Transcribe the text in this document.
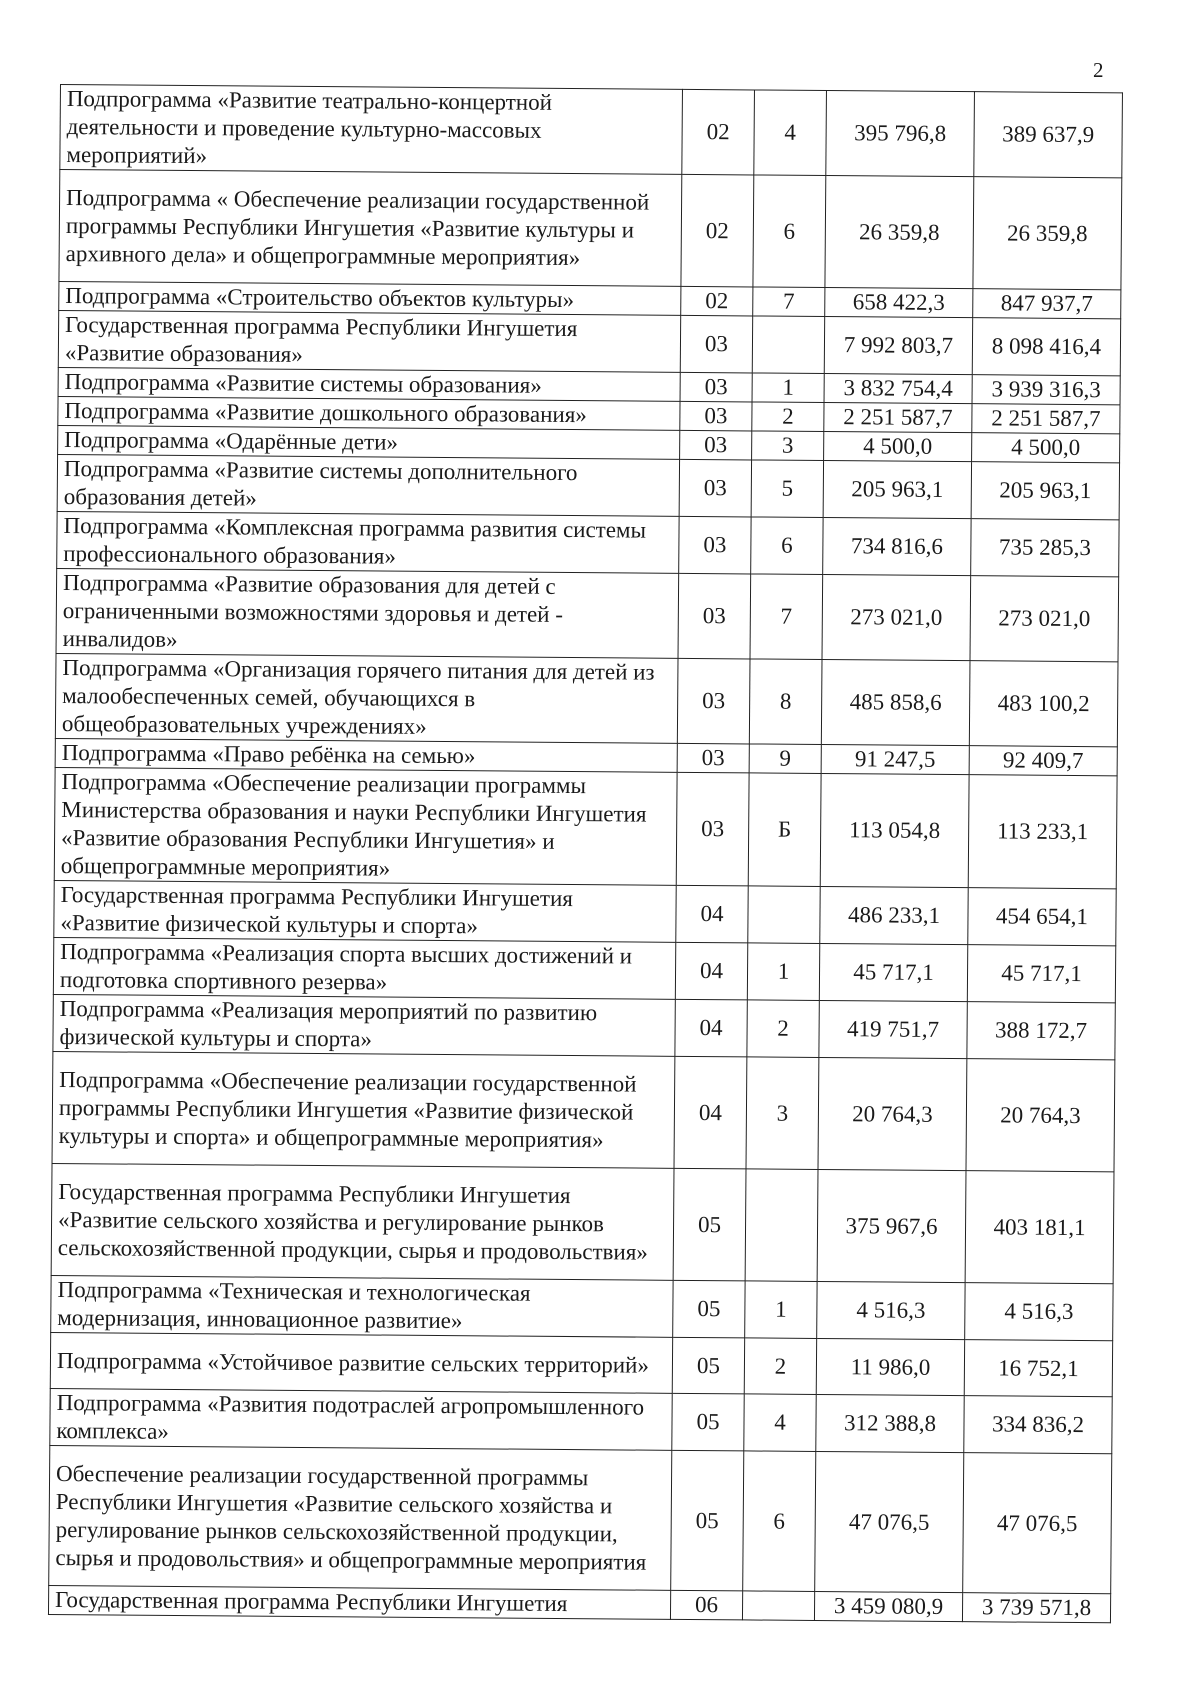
2
Подпрограмма «Развитие театрально-концертной деятельности и проведение культурно-массовых мероприятий»	02	4	395 796,8	389 637,9
Подпрограмма « Обеспечение реализации государственной программы Республики Ингушетия «Развитие культуры и архивного дела» и общепрограммные мероприятия»	02	6	26 359,8	26 359,8
Подпрограмма «Строительство объектов культуры»	02	7	658 422,3	847 937,7
Государственная программа Республики Ингушетия «Развитие образования»	03		7 992 803,7	8 098 416,4
Подпрограмма «Развитие системы образования»	03	1	3 832 754,4	3 939 316,3
Подпрограмма «Развитие дошкольного образования»	03	2	2 251 587,7	2 251 587,7
Подпрограмма «Одарённые дети»	03	3	4 500,0	4 500,0
Подпрограмма «Развитие системы дополнительного образования детей»	03	5	205 963,1	205 963,1
Подпрограмма «Комплексная программа развития системы профессионального образования»	03	6	734 816,6	735 285,3
Подпрограмма «Развитие образования для детей с ограниченными возможностями здоровья и детей - инвалидов»	03	7	273 021,0	273 021,0
Подпрограмма «Организация горячего питания для детей из малообеспеченных семей, обучающихся в общеобразовательных учреждениях»	03	8	485 858,6	483 100,2
Подпрограмма «Право ребёнка на семью»	03	9	91 247,5	92 409,7
Подпрограмма «Обеспечение реализации программы Министерства образования и науки Республики Ингушетия «Развитие образования Республики Ингушетия» и общепрограммные мероприятия»	03	Б	113 054,8	113 233,1
Государственная программа Республики Ингушетия «Развитие физической культуры и спорта»	04		486 233,1	454 654,1
Подпрограмма «Реализация спорта высших достижений и подготовка спортивного резерва»	04	1	45 717,1	45 717,1
Подпрограмма «Реализация мероприятий по развитию физической культуры и спорта»	04	2	419 751,7	388 172,7
Подпрограмма «Обеспечение реализации государственной программы Республики Ингушетия «Развитие физической культуры и спорта» и общепрограммные мероприятия»	04	3	20 764,3	20 764,3
Государственная программа Республики Ингушетия «Развитие сельского хозяйства и регулирование рынков сельскохозяйственной продукции, сырья и продовольствия»	05		375 967,6	403 181,1
Подпрограмма «Техническая и технологическая модернизация, инновационное развитие»	05	1	4 516,3	4 516,3
Подпрограмма «Устойчивое развитие сельских территорий»	05	2	11 986,0	16 752,1
Подпрограмма «Развития подотраслей агропромышленного комплекса»	05	4	312 388,8	334 836,2
Обеспечение реализации государственной программы Республики Ингушетия «Развитие сельского хозяйства и регулирование рынков сельскохозяйственной продукции, сырья и продовольствия» и общепрограммные мероприятия	05	6	47 076,5	47 076,5
Государственная программа Республики Ингушетия	06		3 459 080,9	3 739 571,8
